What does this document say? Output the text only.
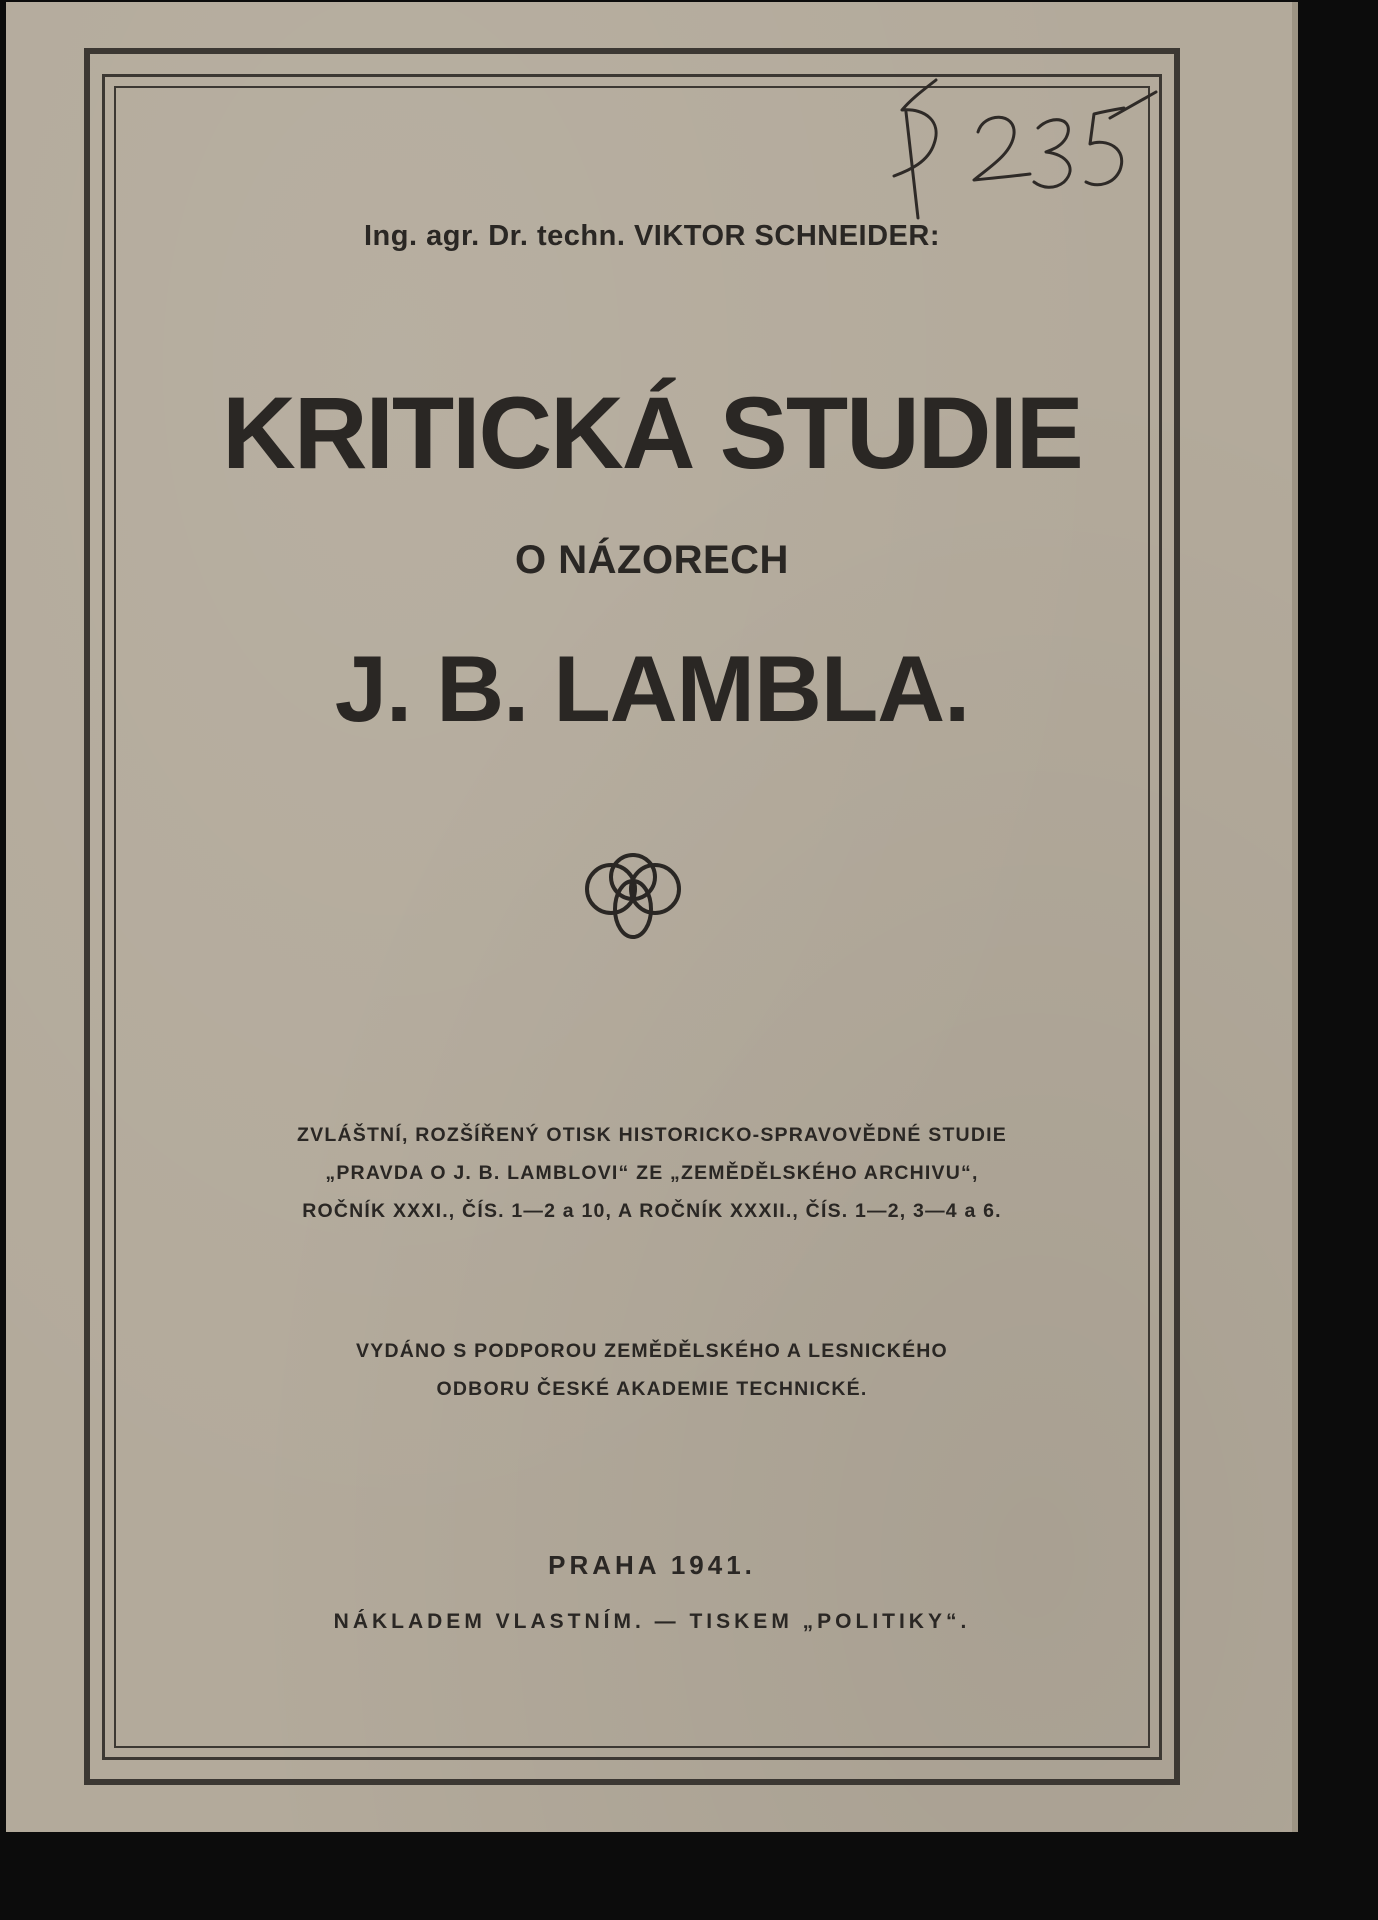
Ing. agr. Dr. techn. VIKTOR SCHNEIDER:
KRITICKÁ STUDIE
O NÁZORECH
J. B. LAMBLA.
ZVLÁŠTNÍ, ROZŠÍŘENÝ OTISK HISTORICKO-SPRAVOVĚDNÉ STUDIE
„PRAVDA O J. B. LAMBLOVI“ ZE „ZEMĚDĚLSKÉHO ARCHIVU“,
ROČNÍK XXXI., ČÍS. 1—2 a 10, A ROČNÍK XXXII., ČÍS. 1—2, 3—4 a 6.
VYDÁNO S PODPOROU ZEMĚDĚLSKÉHO A LESNICKÉHO
ODBORU ČESKÉ AKADEMIE TECHNICKÉ.
PRAHA 1941.
NÁKLADEM VLASTNÍM. — TISKEM „POLITIKY“.
